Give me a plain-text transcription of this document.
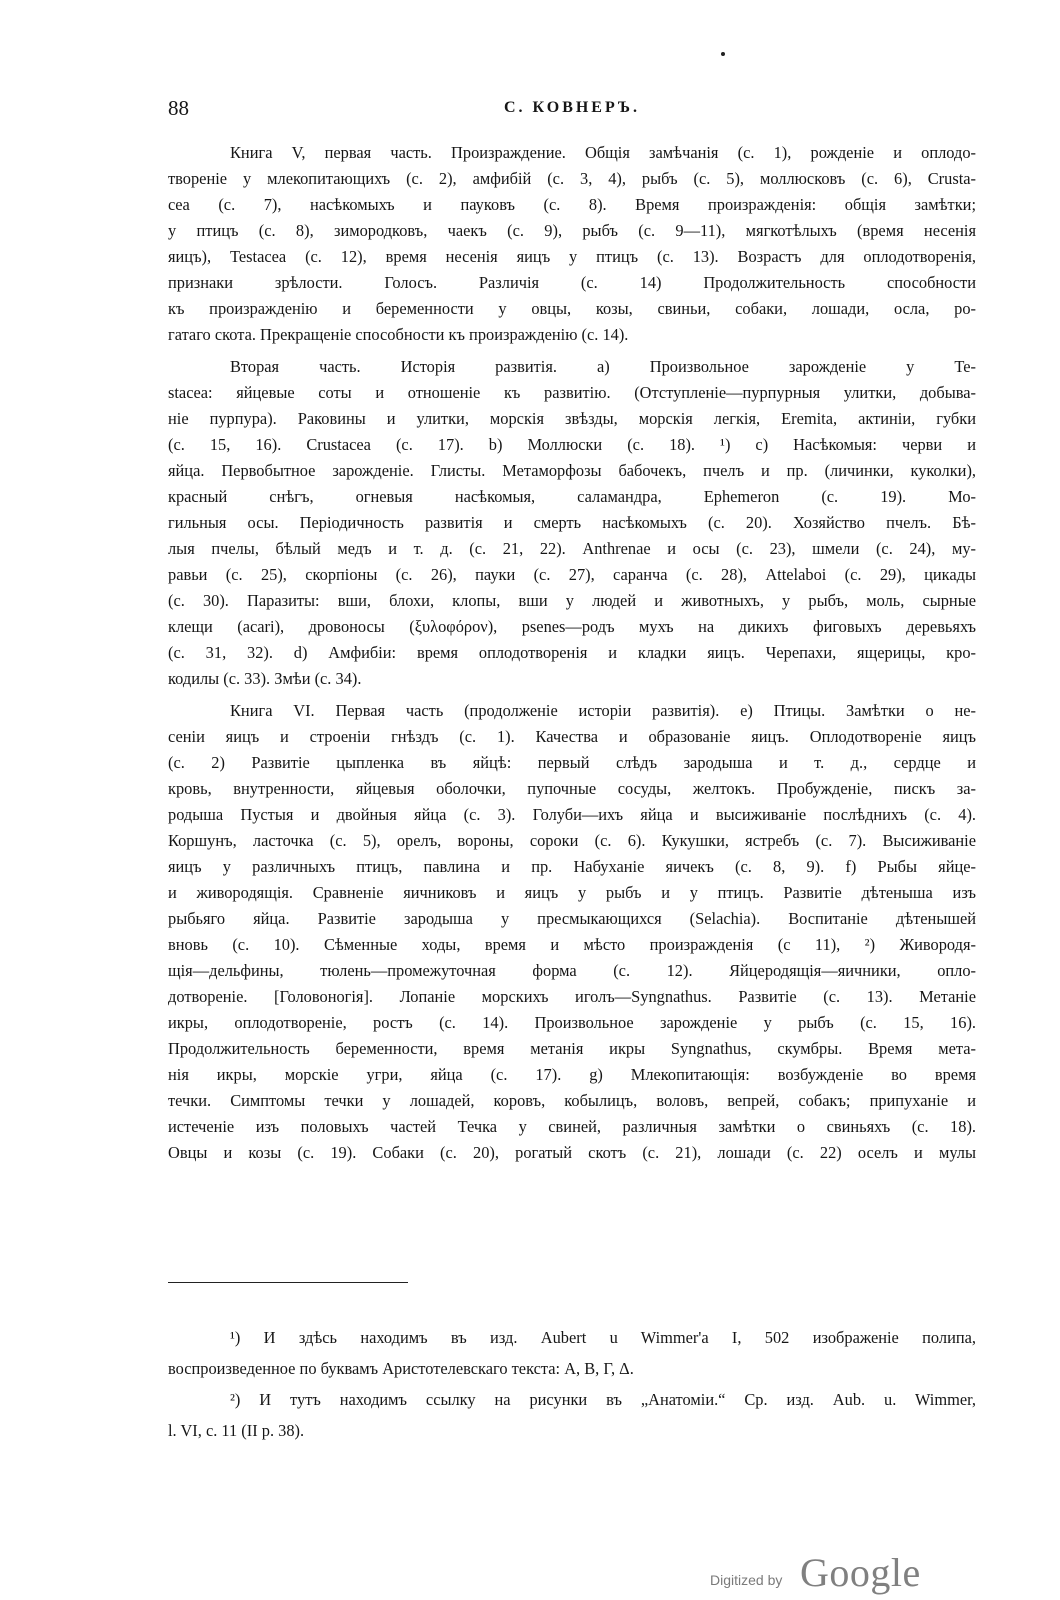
88	С. КОВНЕРЪ.

Книга V, первая часть. Произраждение. Общія замѣчанія (с. 1), рожденіе и оплодо-

твореніе у млекопитающихъ (с. 2), амфибій (с. 3, 4), рыбъ (с. 5), моллюсковъ (с. 6), Crusta-

cea (с. 7), насѣкомыхъ и пауковъ (с. 8). Время произражденія: общія замѣтки;

у птицъ (с. 8), зимородковъ, чаекъ (с. 9), рыбъ (с. 9—11), мягкотѣлыхъ (время несенія

яицъ), Testacea (с. 12), время несенія яицъ у птицъ (с. 13). Возрастъ для оплодотворенія,

признаки зрѣлости. Голосъ. Различія (с. 14) Продолжительность способности

къ произражденію и беременности у овцы, козы, свиньи, собаки, лошади, осла, ро-

гатаго скота. Прекращеніе способности къ произражденію (с. 14).

Вторая часть. Исторія развитія. a) Произвольное зарожденіе у Te-

stacea: яйцевые соты и отношеніе къ развитію. (Отступленіе—пурпурныя улитки, добыва-

ніе пурпура). Раковины и улитки, морскія звѣзды, морскія легкія, Eremita, актиніи, губки

(с. 15, 16). Crustacea (с. 17). b) Моллюски (с. 18). ¹) c) Насѣкомыя: черви и

яйца. Первобытное зарожденіе. Глисты. Метаморфозы бабочекъ, пчелъ и пр. (личинки, куколки),

красный снѣгъ, огневыя насѣкомыя, саламандра, Ephemeron (с. 19). Мо-

гильныя осы. Періодичность развитія и смерть насѣкомыхъ (с. 20). Хозяйство пчелъ. Бѣ-

лыя пчелы, бѣлый медъ и т. д. (с. 21, 22). Anthrenae и осы (с. 23), шмели (с. 24), му-

равьи (с. 25), скорпіоны (с. 26), пауки (с. 27), саранча (с. 28), Attelaboi (с. 29), цикады

(с. 30). Паразиты: вши, блохи, клопы, вши у людей и животныхъ, у рыбъ, моль, сырные

клещи (acari), дровоносы (ξυλοφόρον), psenes—родъ мухъ на дикихъ фиговыхъ деревьяхъ

(с. 31, 32). d) Амфибіи: время оплодотворенія и кладки яицъ. Черепахи, ящерицы, кро-

кодилы (с. 33). Змѣи (с. 34).

Книга VI. Первая часть (продолженіе исторіи развитія). e) Птицы. Замѣтки о не-

сеніи яицъ и строеніи гнѣздъ (с. 1). Качества и образованіе яицъ. Оплодотвореніе яицъ

(с. 2) Развитіе цыпленка въ яйцѣ: первый слѣдъ зародыша и т. д., сердце и

кровь, внутренности, яйцевыя оболочки, пупочные сосуды, желтокъ. Пробужденіе, пискъ за-

родыша Пустыя и двойныя яйца (с. 3). Голуби—ихъ яйца и высиживаніе послѣднихъ (с. 4).

Коршунъ, ласточка (с. 5), орелъ, вороны, сороки (с. 6). Кукушки, ястребъ (с. 7). Высиживаніе

яицъ у различныхъ птицъ, павлина и пр. Набуханіе яичекъ (с. 8, 9). f) Рыбы яйце-

и живородящія. Сравненіе яичниковъ и яицъ у рыбъ и у птицъ. Развитіе дѣтеныша изъ

рыбьяго яйца. Развитіе зародыша у пресмыкающихся (Selachia). Воспитаніе дѣтенышей

вновь (с. 10). Сѣменные ходы, время и мѣсто произражденія (с 11), ²) Живородя-

щія—дельфины, тюлень—промежуточная форма (с. 12). Яйцеродящія—яичники, опло-

дотвореніе. [Головоногія]. Лопаніе морскихъ иголъ—Syngnathus. Развитіе (с. 13). Метаніе

икры, оплодотвореніе, ростъ (с. 14). Произвольное зарожденіе у рыбъ (с. 15, 16).

Продолжительность беременности, время метанія икры Syngnathus, скумбры. Время мета-

нія икры, морскіе угри, яйца (с. 17). g) Млекопитающія: возбужденіе во время

течки. Симптомы течки у лошадей, коровъ, кобылицъ, воловъ, вепрей, собакъ; припуханіе и

истеченіе изъ половыхъ частей Течка у свиней, различныя замѣтки о свиньяхъ (с. 18).

Овцы и козы (с. 19). Собаки (с. 20), рогатый скотъ (с. 21), лошади (с. 22) оселъ и мулы

¹) И здѣсь находимъ въ изд. Aubert u Wimmer'а I, 502 изображеніе полипа,

воспроизведенное по буквамъ Аристотелевскаго текста: А, В, Г, Δ.

²) И тутъ находимъ ссылку на рисунки въ „Анатоміи.“ Ср. изд. Aub. u. Wimmer,

l. VI, с. 11 (II р. 38).

Digitized by Google
